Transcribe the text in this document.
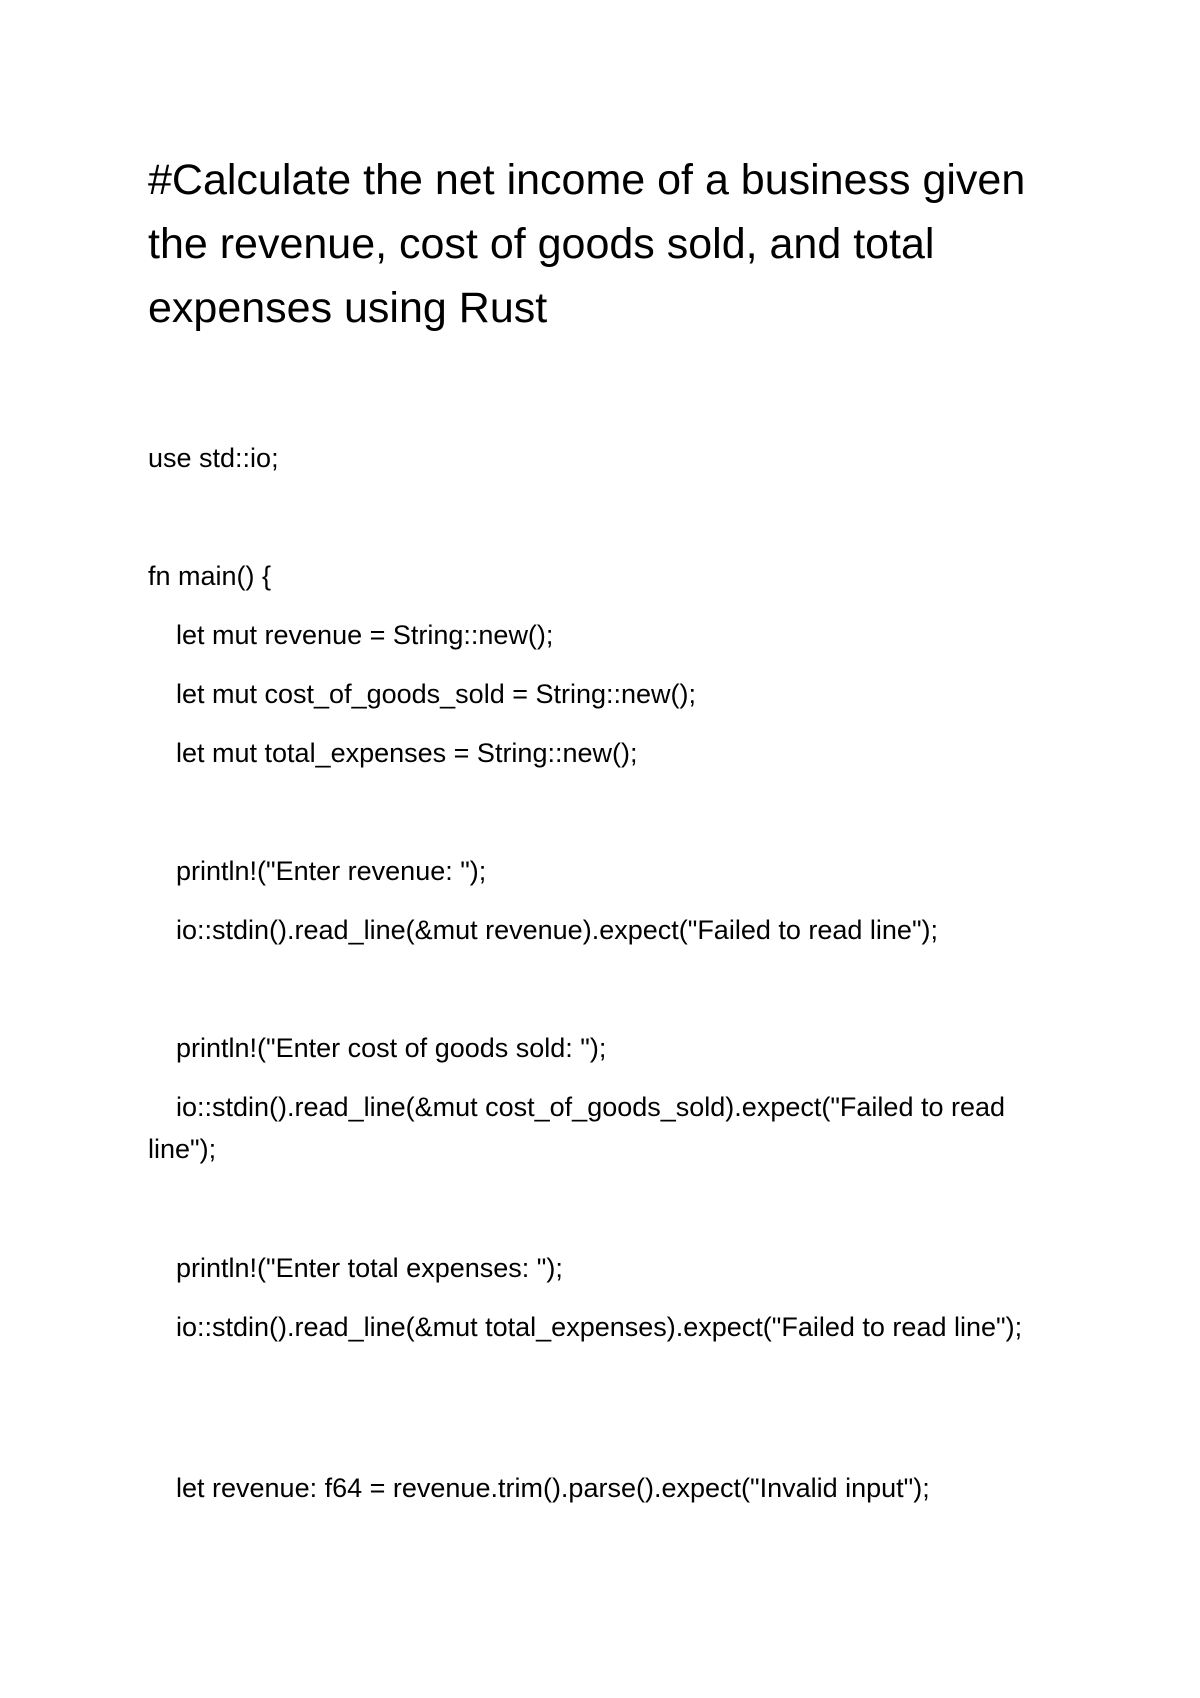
#Calculate the net income of a business given the revenue, cost of goods sold, and total expenses using Rust

use std::io;

fn main() {

let mut revenue = String::new();

let mut cost_of_goods_sold = String::new();

let mut total_expenses = String::new();

println!("Enter revenue: ");

io::stdin().read_line(&mut revenue).expect("Failed to read line");

println!("Enter cost of goods sold: ");

io::stdin().read_line(&mut cost_of_goods_sold).expect("Failed to read line");

println!("Enter total expenses: ");

io::stdin().read_line(&mut total_expenses).expect("Failed to read line");

let revenue: f64 = revenue.trim().parse().expect("Invalid input");
